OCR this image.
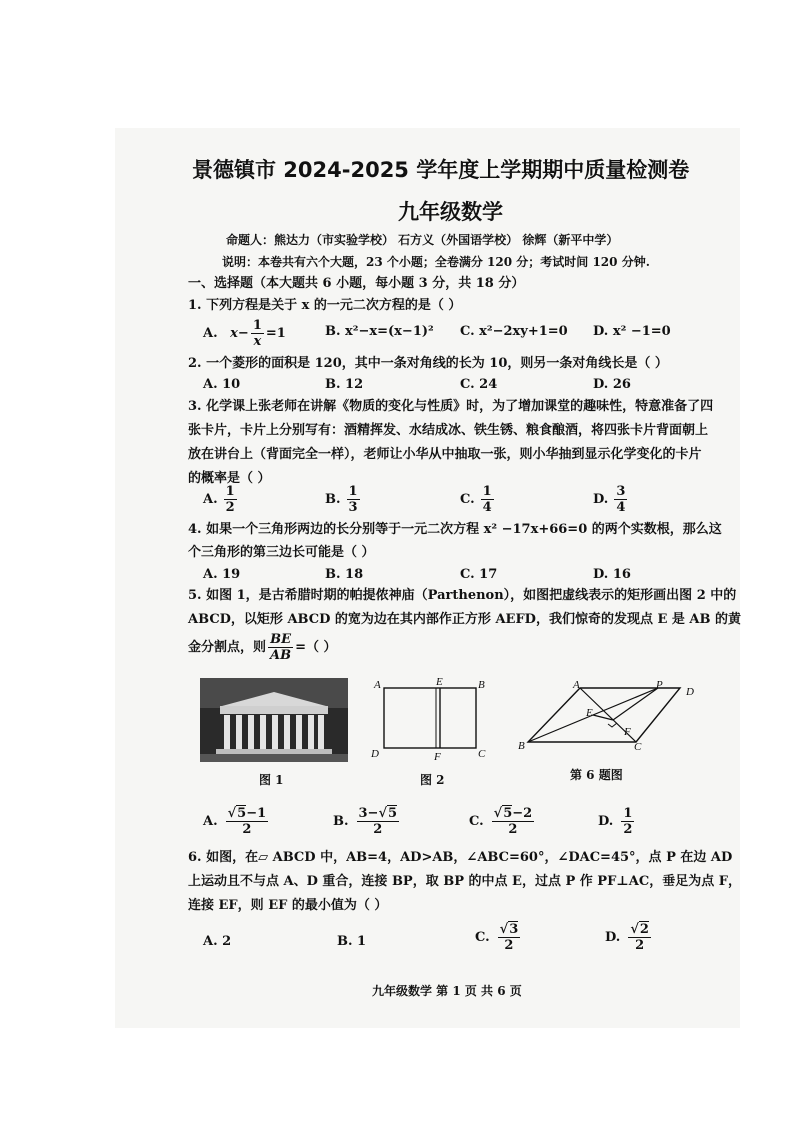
景德镇市 2024-2025 学年度上学期期中质量检测卷
九年级数学
命题人：熊达力（市实验学校） 石方义（外国语学校） 徐辉（新平中学）
说明：本卷共有六个大题，23 个小题；全卷满分 120 分；考试时间 120 分钟.
一、选择题（本大题共 6 小题，每小题 3 分，共 18 分）
1. 下列方程是关于 x 的一元二次方程的是（ ）
A. $x- \frac{1}{x} =1$	B. x²−x=(x−1)² C. x²−2xy+1=0 D. x² −1=0
2. 一个菱形的面积是 120，其中一条对角线的长为 10，则另一条对角线长是（ ）
A. 10	B. 12	C. 24	D. 26
3. 化学课上张老师在讲解《物质的变化与性质》时，为了增加课堂的趣味性，特意准备了四
张卡片，卡片上分别写有：酒精挥发、水结成冰、铁生锈、粮食酿酒，将四张卡片背面朝上
放在讲台上（背面完全一样），老师让小华从中抽取一张，则小华抽到显示化学变化的卡片
的概率是（ ）
A. $\frac{1}{2}$	B. $\frac{1}{3}$	C. $\frac{1}{4}$	D. $\frac{3}{4}$
4. 如果一个三角形两边的长分别等于一元二次方程 x² −17x+66=0 的两个实数根，那么这
个三角形的第三边长可能是（ ）
A. 19	B. 18	C. 17	D. 16
5. 如图 1，是古希腊时期的帕提侬神庙（Parthenon），如图把虚线表示的矩形画出图 2 中的
ABCD，以矩形 ABCD 的宽为边在其内部作正方形 AEFD，我们惊奇的发现点 E 是 AB 的黄
金分割点，则 $\frac{BE}{AB}$ =（ ）
图 1
A	E	B
D	F	C
图 2
A	P
D
E
F
B	C
第 6 题图
A. $\frac{√5-1}{2}$	B. $\frac{3-√5}{2}$	C. $\frac{√5-2}{2}$	D. $\frac{1}{2}$
6. 如图，在▱ ABCD 中，AB=4，AD>AB，∠ABC=60°，∠DAC=45°，点 P 在边 AD
上运动且不与点 A、D 重合，连接 BP，取 BP 的中点 E，过点 P 作 PF⊥AC，垂足为点 F，
连接 EF，则 EF 的最小值为（ ）
A. 2	B. 1	C. $\frac{√3}{2}$	D. $\frac{√2}{2}$
九年级数学 第 1 页 共 6 页
